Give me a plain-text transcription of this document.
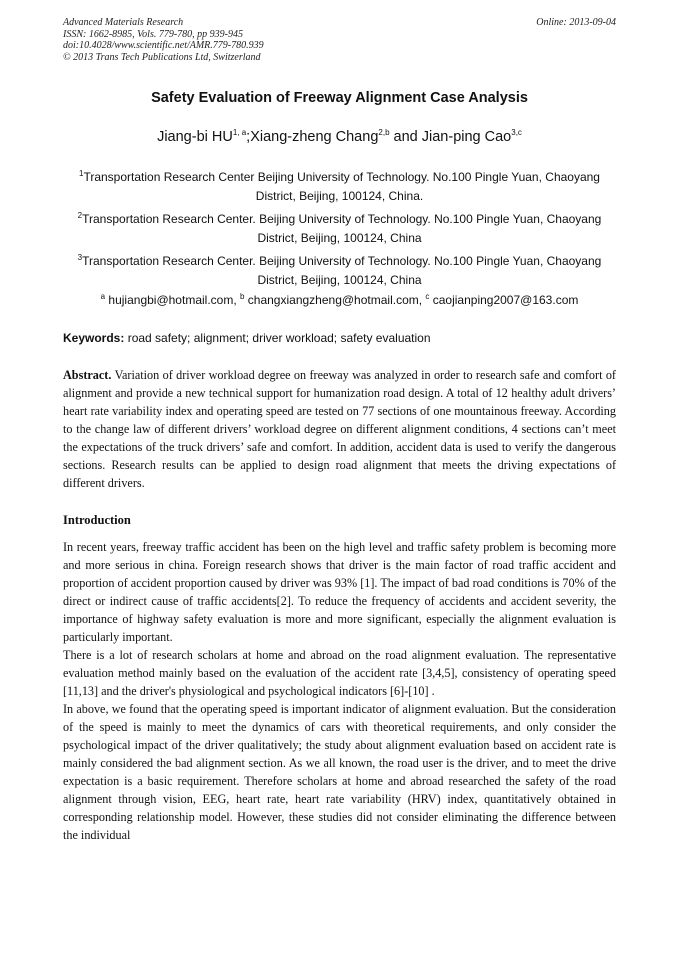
Advanced Materials Research
ISSN: 1662-8985, Vols. 779-780, pp 939-945
doi:10.4028/www.scientific.net/AMR.779-780.939
© 2013 Trans Tech Publications Ltd, Switzerland
Online: 2013-09-04
Safety Evaluation of Freeway Alignment Case Analysis
Jiang-bi HU$^{1, a}$;Xiang-zheng Chang$^{2,b}$ and Jian-ping Cao$^{3,c}$
$^1$Transportation Research Center Beijing University of Technology. No.100 Pingle Yuan, Chaoyang District, Beijing, 100124, China.
$^2$Transportation Research Center. Beijing University of Technology. No.100 Pingle Yuan, Chaoyang District, Beijing, 100124, China
$^3$Transportation Research Center. Beijing University of Technology. No.100 Pingle Yuan, Chaoyang District, Beijing, 100124, China
$^a$ hujiangbi@hotmail.com, $^b$ changxiangzheng@hotmail.com, $^c$ caojianping2007@163.com
Keywords: road safety; alignment; driver workload; safety evaluation

Abstract. Variation of driver workload degree on freeway was analyzed in order to research safe and comfort of alignment and provide a new technical support for humanization road design. A total of 12 healthy adult drivers’ heart rate variability index and operating speed are tested on 77 sections of one mountainous freeway. According to the change law of different drivers’ workload degree on different alignment conditions, 4 sections can’t meet the expectations of the truck drivers’ safe and comfort. In addition, accident data is used to verify the dangerous sections. Research results can be applied to design road alignment that meets the driving expectations of different drivers.

Introduction

In recent years, freeway traffic accident has been on the high level and traffic safety problem is becoming more and more serious in china. Foreign research shows that driver is the main factor of road traffic accident and proportion of accident proportion caused by driver was 93% [1]. The impact of bad road conditions is 70% of the direct or indirect cause of traffic accidents[2]. To reduce the frequency of accidents and accident severity, the importance of highway safety evaluation is more and more significant, especially the alignment evaluation is particularly important.

There is a lot of research scholars at home and abroad on the road alignment evaluation. The representative evaluation method mainly based on the evaluation of the accident rate [3,4,5], consistency of operating speed [11,13] and the driver's physiological and psychological indicators [6]-[10] .

In above, we found that the operating speed is important indicator of alignment evaluation. But the consideration of the speed is mainly to meet the dynamics of cars with theoretical requirements, and only consider the psychological impact of the driver qualitatively; the study about alignment evaluation based on accident rate is mainly considered the bad alignment section. As we all known, the road user is the driver, and to meet the drive expectation is a basic requirement. Therefore scholars at home and abroad researched the safety of the road alignment through vision, EEG, heart rate, heart rate variability (HRV) index, quantitatively obtained in corresponding relationship model. However, these studies did not consider eliminating the difference between the individual
